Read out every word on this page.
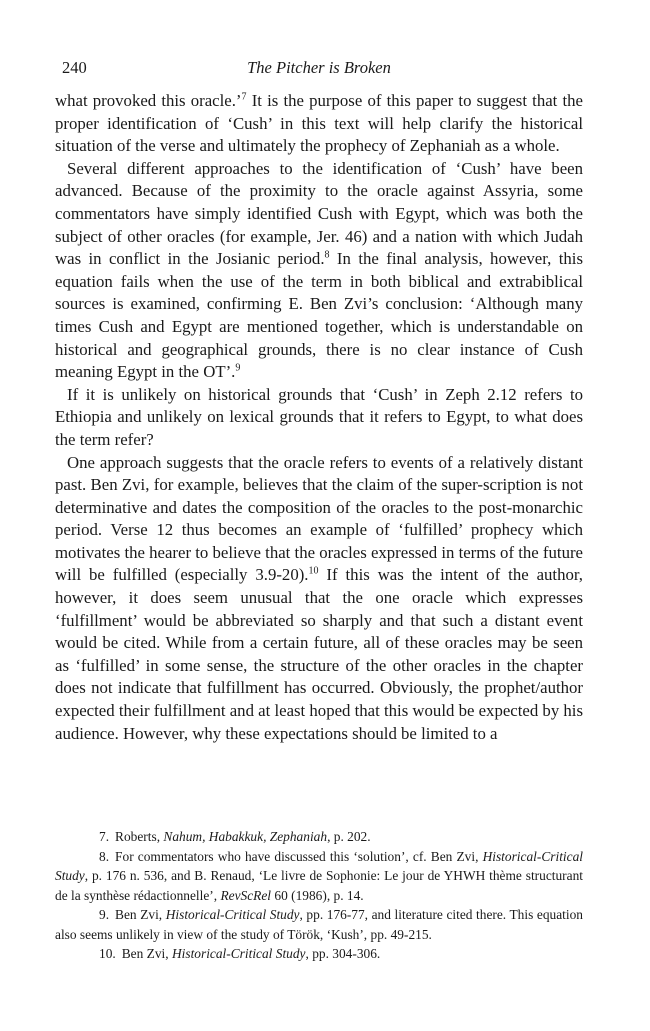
240	The Pitcher is Broken

what provoked this oracle.’$^7$ It is the purpose of this paper to suggest that the proper identification of ‘Cush’ in this text will help clarify the historical situation of the verse and ultimately the prophecy of Zephaniah as a whole.

Several different approaches to the identification of ‘Cush’ have been advanced. Because of the proximity to the oracle against Assyria, some commentators have simply identified Cush with Egypt, which was both the subject of other oracles (for example, Jer. 46) and a nation with which Judah was in conflict in the Josianic period.$^8$ In the final analysis, however, this equation fails when the use of the term in both biblical and extrabiblical sources is examined, confirming E. Ben Zvi’s conclusion: ‘Although many times Cush and Egypt are mentioned together, which is understandable on historical and geographical grounds, there is no clear instance of Cush meaning Egypt in the OT’.$^9$

If it is unlikely on historical grounds that ‘Cush’ in Zeph 2.12 refers to Ethiopia and unlikely on lexical grounds that it refers to Egypt, to what does the term refer?

One approach suggests that the oracle refers to events of a relatively distant past. Ben Zvi, for example, believes that the claim of the super-scription is not determinative and dates the composition of the oracles to the post-monarchic period. Verse 12 thus becomes an example of ‘fulfilled’ prophecy which motivates the hearer to believe that the oracles expressed in terms of the future will be fulfilled (especially 3.9-20).$^{10}$ If this was the intent of the author, however, it does seem unusual that the one oracle which expresses ‘fulfillment’ would be abbreviated so sharply and that such a distant event would be cited. While from a certain future, all of these oracles may be seen as ‘fulfilled’ in some sense, the structure of the other oracles in the chapter does not indicate that fulfillment has occurred. Obviously, the prophet/author expected their fulfillment and at least hoped that this would be expected by his audience. However, why these expectations should be limited to a

7. Roberts, Nahum, Habakkuk, Zephaniah, p. 202.

8. For commentators who have discussed this ‘solution’, cf. Ben Zvi, Historical-Critical Study, p. 176 n. 536, and B. Renaud, ‘Le livre de Sophonie: Le jour de YHWH thème structurant de la synthèse rédactionnelle’, RevScRel 60 (1986), p. 14.

9. Ben Zvi, Historical-Critical Study, pp. 176-77, and literature cited there. This equation also seems unlikely in view of the study of Török, ‘Kush’, pp. 49-215.

10. Ben Zvi, Historical-Critical Study, pp. 304-306.
